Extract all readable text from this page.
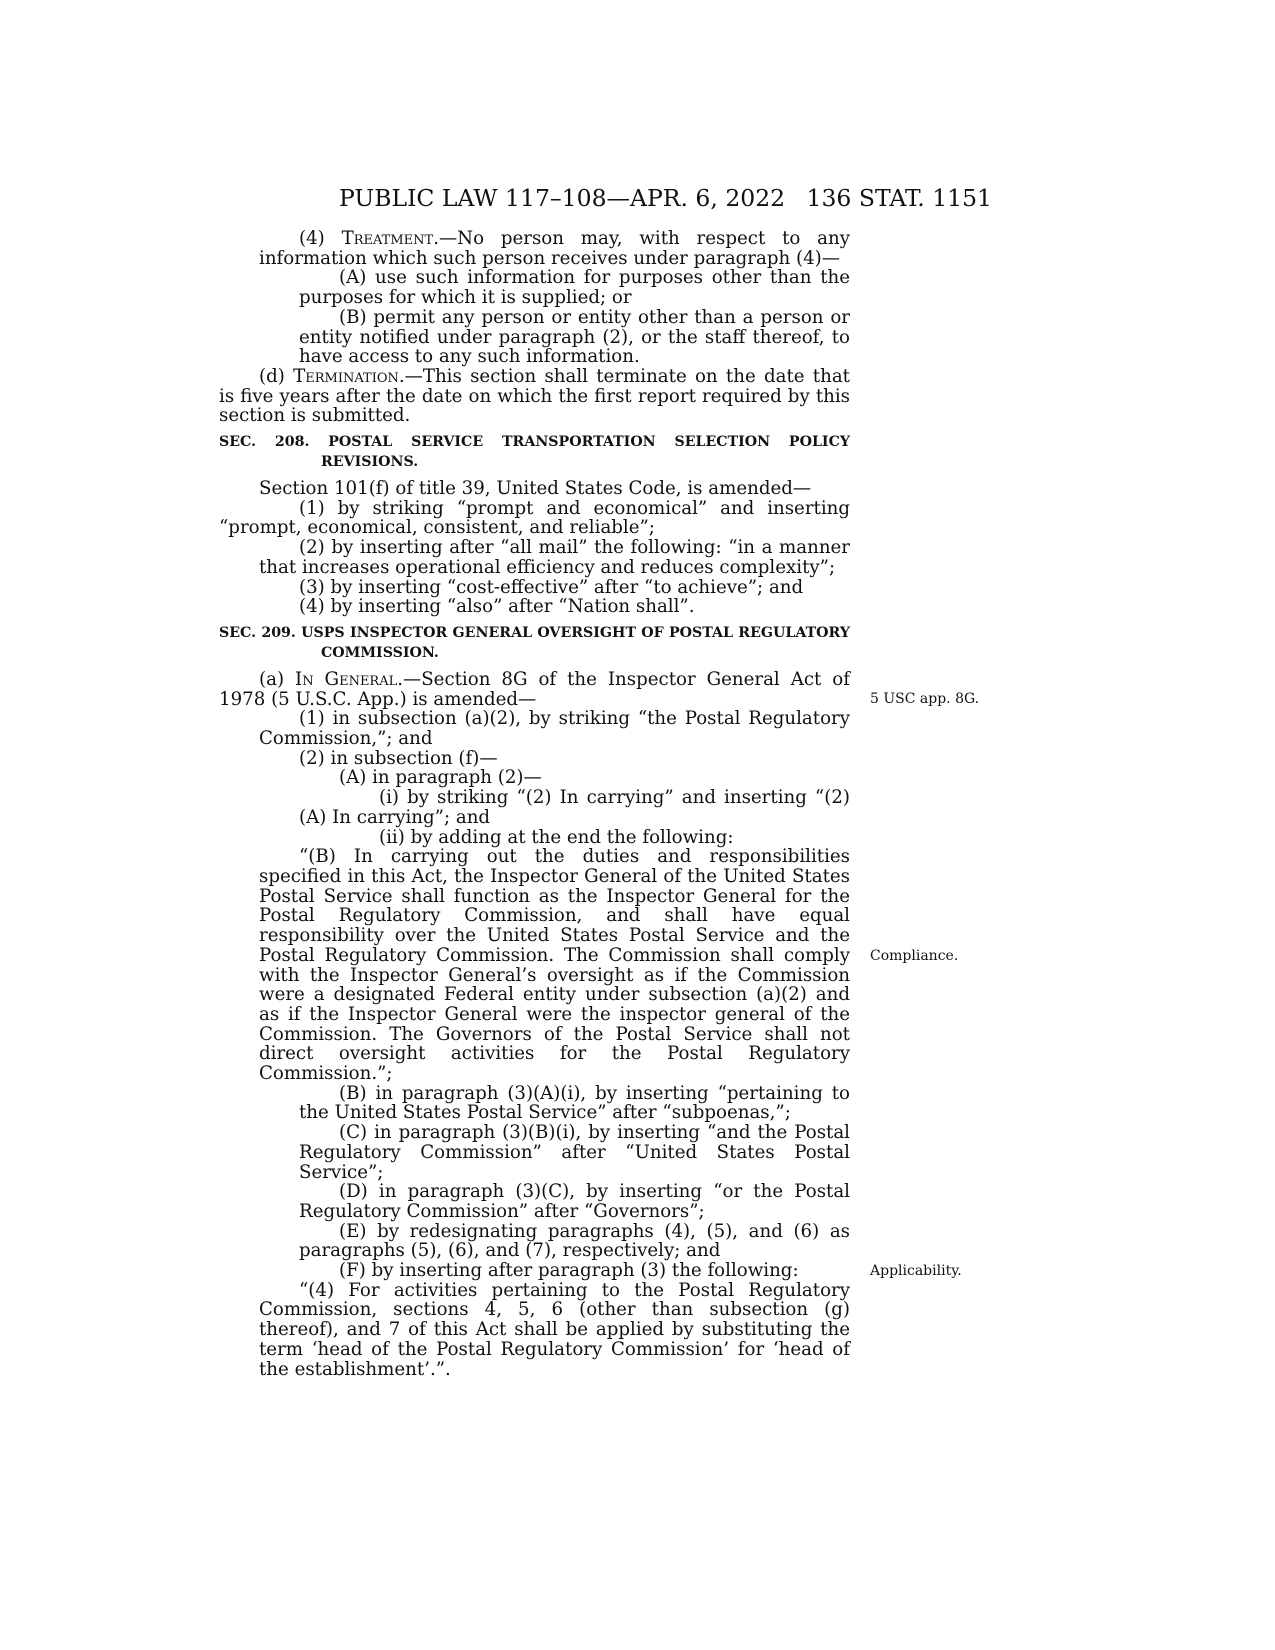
PUBLIC LAW 117–108—APR. 6, 2022 136 STAT. 1151

(4) Treatment.—No person may, with respect to any information which such person receives under paragraph (4)—

(A) use such information for purposes other than the purposes for which it is supplied; or

(B) permit any person or entity other than a person or entity notified under paragraph (2), or the staff thereof, to have access to any such information.

(d) Termination.—This section shall terminate on the date that is five years after the date on which the first report required by this section is submitted.

SEC. 208. POSTAL SERVICE TRANSPORTATION SELECTION POLICY REVISIONS.

Section 101(f) of title 39, United States Code, is amended—

(1) by striking “prompt and economical” and inserting “prompt, economical, consistent, and reliable”;

(2) by inserting after “all mail” the following: “in a manner that increases operational efficiency and reduces complexity”;

(3) by inserting “cost-effective” after “to achieve”; and

(4) by inserting “also” after “Nation shall”.

SEC. 209. USPS INSPECTOR GENERAL OVERSIGHT OF POSTAL REGULATORY COMMISSION.

(a) In General.—Section 8G of the Inspector General Act of 1978 (5 U.S.C. App.) is amended—

(1) in subsection (a)(2), by striking “the Postal Regulatory Commission,”; and

(2) in subsection (f)—

(A) in paragraph (2)—

(i) by striking “(2) In carrying” and inserting “(2)(A) In carrying”; and

(ii) by adding at the end the following:

“(B) In carrying out the duties and responsibilities specified in this Act, the Inspector General of the United States Postal Service shall function as the Inspector General for the Postal Regulatory Commission, and shall have equal responsibility over the United States Postal Service and the Postal Regulatory Commission. The Commission shall comply with the Inspector General’s oversight as if the Commission were a designated Federal entity under subsection (a)(2) and as if the Inspector General were the inspector general of the Commission. The Governors of the Postal Service shall not direct oversight activities for the Postal Regulatory Commission.”;

(B) in paragraph (3)(A)(i), by inserting “pertaining to the United States Postal Service” after “subpoenas,”;

(C) in paragraph (3)(B)(i), by inserting “and the Postal Regulatory Commission” after “United States Postal Service”;

(D) in paragraph (3)(C), by inserting “or the Postal Regulatory Commission” after “Governors”;

(E) by redesignating paragraphs (4), (5), and (6) as paragraphs (5), (6), and (7), respectively; and

(F) by inserting after paragraph (3) the following:

“(4) For activities pertaining to the Postal Regulatory Commission, sections 4, 5, 6 (other than subsection (g) thereof), and 7 of this Act shall be applied by substituting the term ‘head of the Postal Regulatory Commission’ for ‘head of the establishment’.”.

5 USC app. 8G.
Compliance.
Applicability.
